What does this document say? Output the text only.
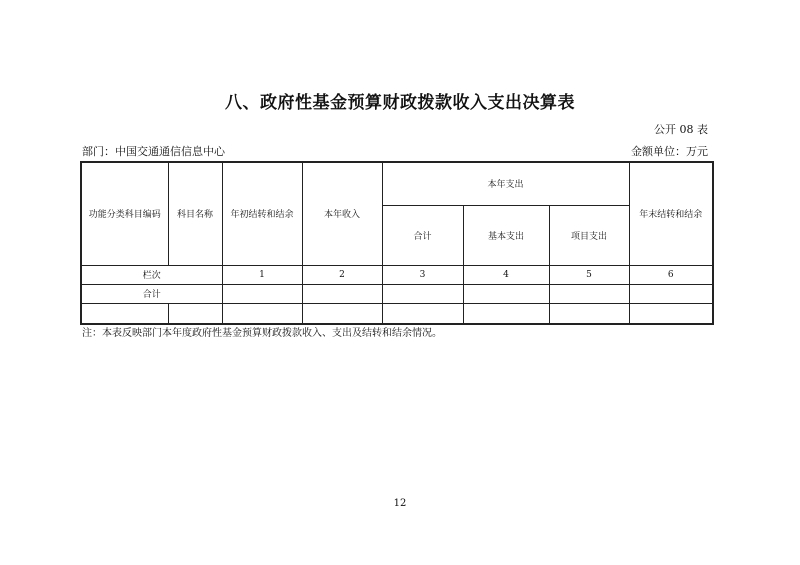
八、政府性基金预算财政拨款收入支出决算表
公开 08 表
部门：中国交通通信信息中心	金额单位：万元
功能分类科目编码	科目名称	年初结转和结余	本年收入	本年支出			年末结转和结余
				合计	基本支出	项目支出	
栏次		1	2	3	4	5	6
合计							

注：本表反映部门本年度政府性基金预算财政拨款收入、支出及结转和结余情况。
12
